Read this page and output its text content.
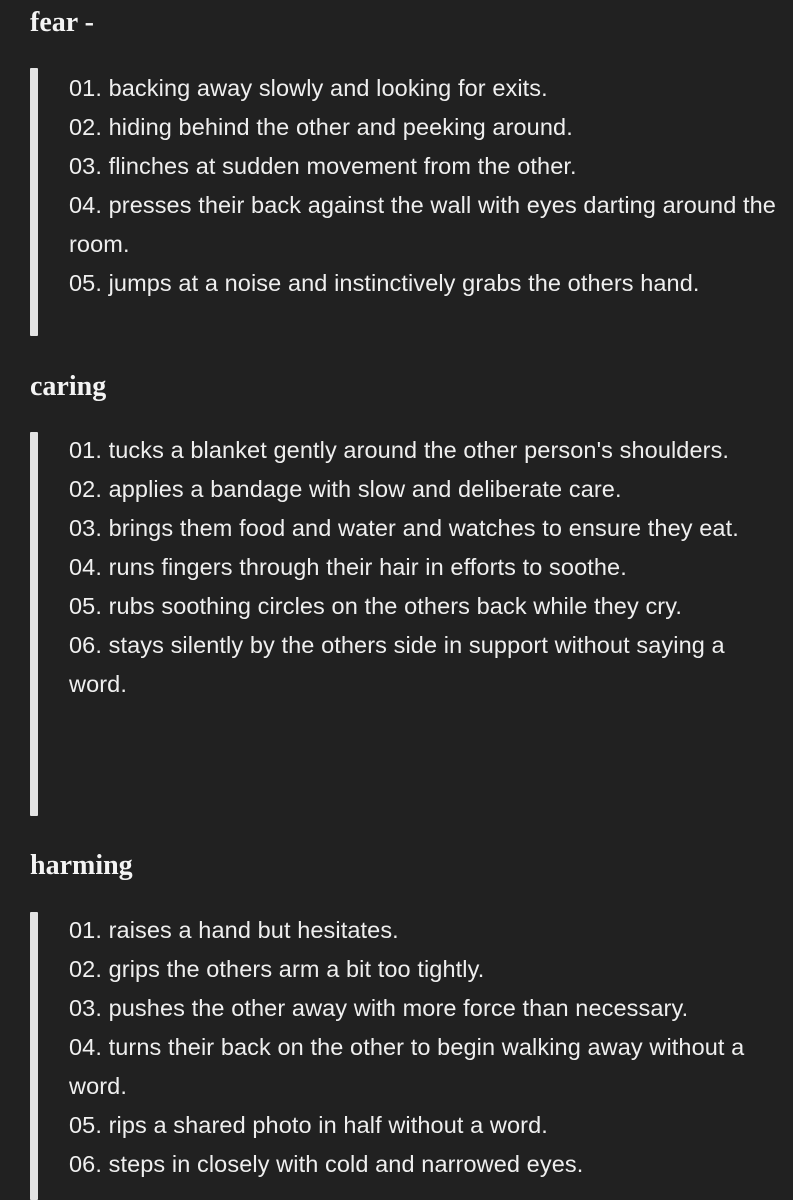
fear -
01. backing away slowly and looking for exits.
02. hiding behind the other and peeking around.
03. flinches at sudden movement from the other.
04. presses their back against the wall with eyes darting around the room.
05. jumps at a noise and instinctively grabs the others hand.
caring
01. tucks a blanket gently around the other person's shoulders.
02. applies a bandage with slow and deliberate care.
03. brings them food and water and watches to ensure they eat.
04. runs fingers through their hair in efforts to soothe.
05. rubs soothing circles on the others back while they cry.
06. stays silently by the others side in support without saying a word.
harming
01. raises a hand but hesitates.
02. grips the others arm a bit too tightly.
03. pushes the other away with more force than necessary.
04. turns their back on the other to begin walking away without a word.
05. rips a shared photo in half without a word.
06. steps in closely with cold and narrowed eyes.
